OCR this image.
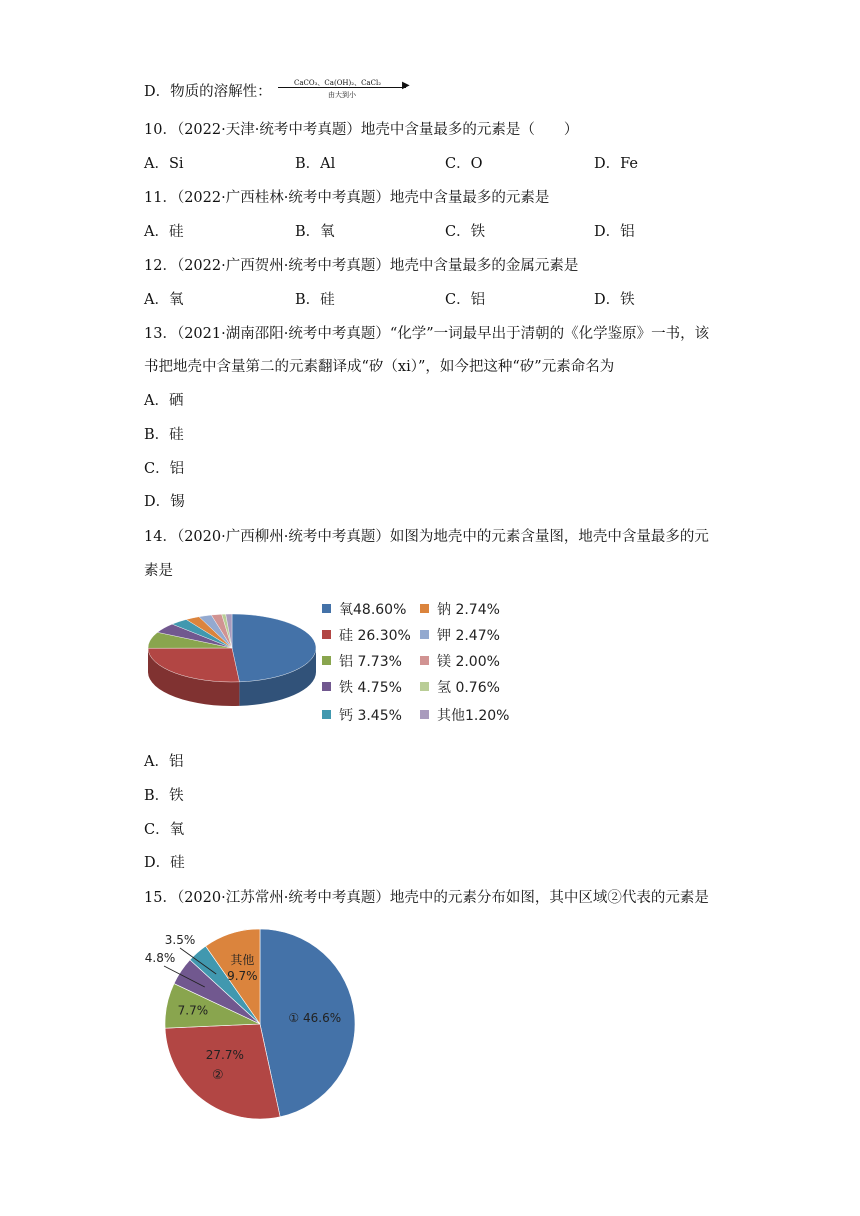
D．物质的溶解性：
CaCO₃、Ca(OH)₂、CaCl₂ ▶
由大到小
10．（2022·天津·统考中考真题）地壳中含量最多的元素是（　　）
A．Si	B．Al	C．O	D．Fe
11．（2022·广西桂林·统考中考真题）地壳中含量最多的元素是
A．硅	B．氧	C．铁	D．铝
12．（2022·广西贺州·统考中考真题）地壳中含量最多的金属元素是
A．氧	B．硅	C．铝	D．铁
13．（2021·湖南邵阳·统考中考真题）“化学”一词最早出于清朝的《化学鉴原》一书，该
书把地壳中含量第二的元素翻译成“矽（xi）”，如今把这种“矽”元素命名为
A．硒
B．硅
C．铝
D．锡
14．（2020·广西柳州·统考中考真题）如图为地壳中的元素含量图，地壳中含量最多的元
素是
氧48.60%
硅 26.30%
铝 7.73%
铁 4.75%
钙 3.45%
钠 2.74%
钾 2.47%
镁 2.00%
氢 0.76%
其他1.20%
A．铝
B．铁
C．氧
D．硅
15．（2020·江苏常州·统考中考真题）地壳中的元素分布如图，其中区域②代表的元素是
① 46.6%
27.7%
②
7.7%
其他
9.7%
3.5%
4.8%
